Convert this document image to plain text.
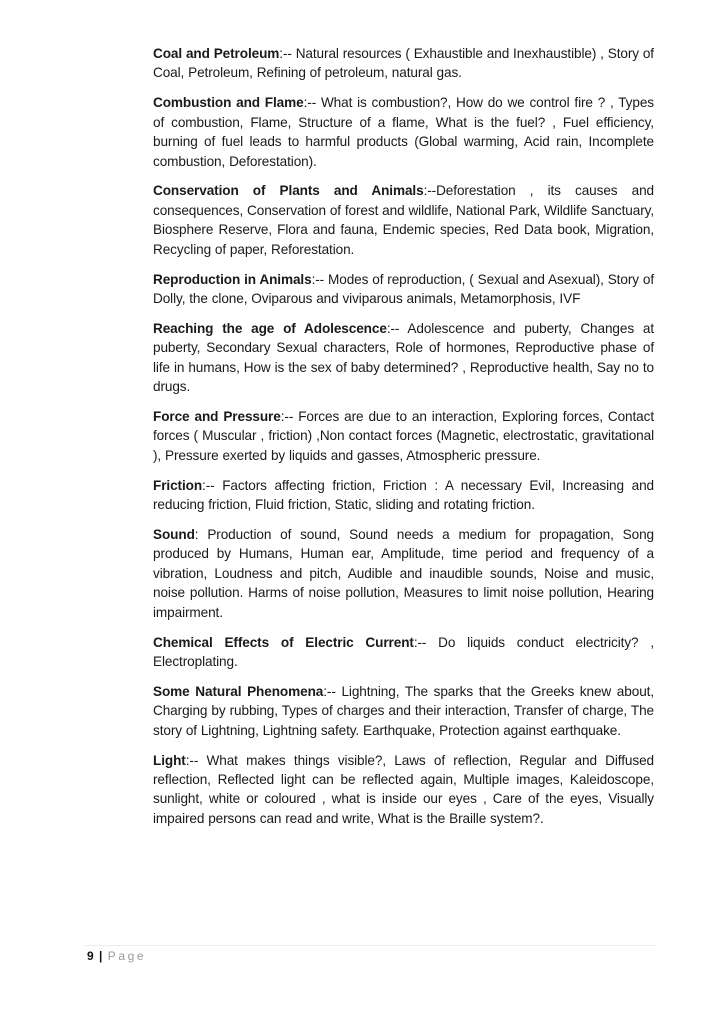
Coal and Petroleum:-- Natural resources ( Exhaustible and Inexhaustible) , Story of Coal, Petroleum, Refining of petroleum, natural gas.

Combustion and Flame:-- What is combustion?, How do we control fire ? , Types of combustion, Flame, Structure of a flame, What is the fuel? , Fuel efficiency, burning of fuel leads to harmful products (Global warming, Acid rain, Incomplete combustion, Deforestation).

Conservation of Plants and Animals:--Deforestation , its causes and consequences, Conservation of forest and wildlife, National Park, Wildlife Sanctuary, Biosphere Reserve, Flora and fauna, Endemic species, Red Data book, Migration, Recycling of paper, Reforestation.

Reproduction in Animals:-- Modes of reproduction, ( Sexual and Asexual), Story of Dolly, the clone, Oviparous and viviparous animals, Metamorphosis, IVF

Reaching the age of Adolescence:-- Adolescence and puberty, Changes at puberty, Secondary Sexual characters, Role of hormones, Reproductive phase of life in humans, How is the sex of baby determined? , Reproductive health, Say no to drugs.

Force and Pressure:-- Forces are due to an interaction, Exploring forces, Contact forces ( Muscular , friction) ,Non contact forces (Magnetic, electrostatic, gravitational ), Pressure exerted by liquids and gasses, Atmospheric pressure.

Friction:-- Factors affecting friction, Friction : A necessary Evil, Increasing and reducing friction, Fluid friction, Static, sliding and rotating friction.

Sound: Production of sound, Sound needs a medium for propagation, Song produced by Humans, Human ear, Amplitude, time period and frequency of a vibration, Loudness and pitch, Audible and inaudible sounds, Noise and music, noise pollution. Harms of noise pollution, Measures to limit noise pollution, Hearing impairment.

Chemical Effects of Electric Current:-- Do liquids conduct electricity? , Electroplating.

Some Natural Phenomena:-- Lightning, The sparks that the Greeks knew about, Charging by rubbing, Types of charges and their interaction, Transfer of charge, The story of Lightning, Lightning safety. Earthquake, Protection against earthquake.

Light:-- What makes things visible?, Laws of reflection, Regular and Diffused reflection, Reflected light can be reflected again, Multiple images, Kaleidoscope, sunlight, white or coloured , what is inside our eyes , Care of the eyes, Visually impaired persons can read and write, What is the Braille system?.

9 | Page
